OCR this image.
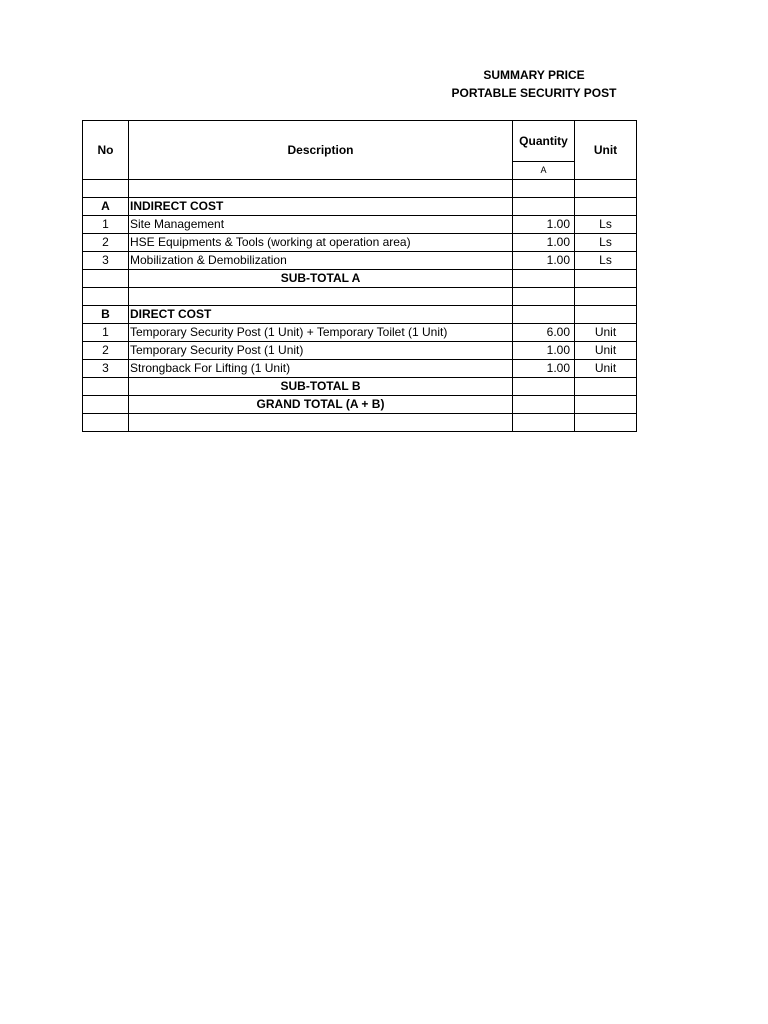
SUMMARY PRICE
PORTABLE SECURITY POST
No	Description	Quantity	Unit
		A	

A	INDIRECT COST		
1	Site Management	1.00	Ls
2	HSE Equipments & Tools (working at operation area)	1.00	Ls
3	Mobilization & Demobilization	1.00	Ls
	SUB-TOTAL A		

B	DIRECT COST		
1	Temporary Security Post (1 Unit) + Temporary Toilet (1 Unit)	6.00	Unit
2	Temporary Security Post (1 Unit)	1.00	Unit
3	Strongback For Lifting (1 Unit)	1.00	Unit
	SUB-TOTAL B		
	GRAND TOTAL (A + B)		
